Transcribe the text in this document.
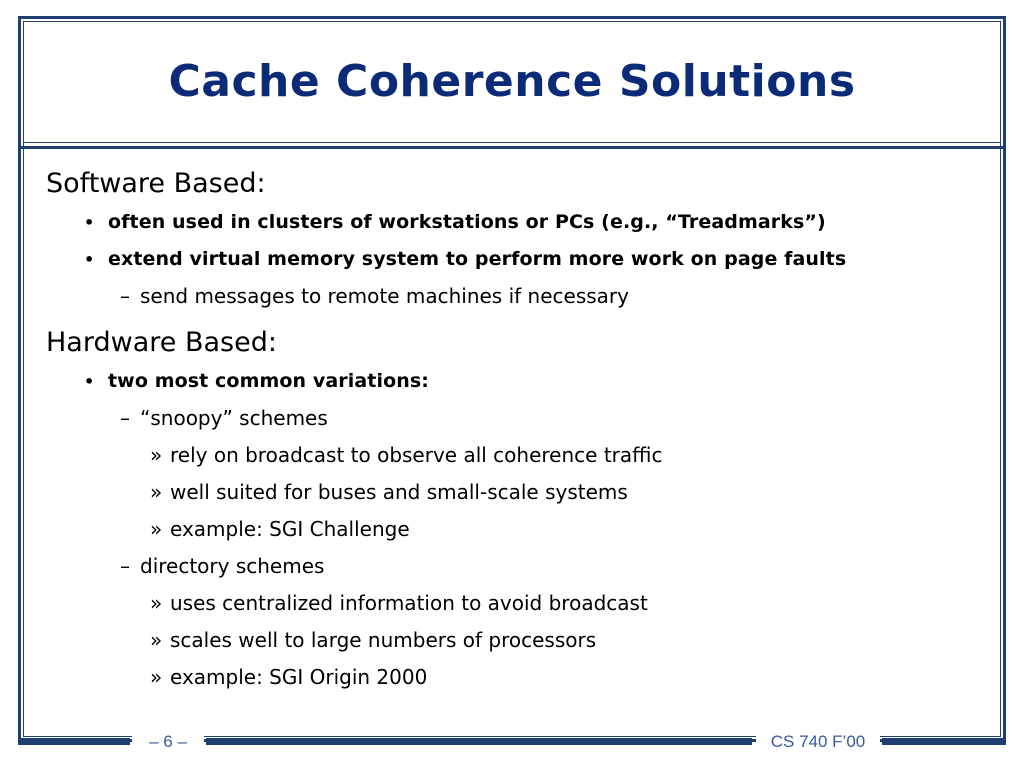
Cache Coherence Solutions
Software Based:
• often used in clusters of workstations or PCs (e.g., “Treadmarks”)
• extend virtual memory system to perform more work on page faults
– send messages to remote machines if necessary
Hardware Based:
• two most common variations:
– “snoopy” schemes
» rely on broadcast to observe all coherence traffic
» well suited for buses and small-scale systems
» example: SGI Challenge
– directory schemes
» uses centralized information to avoid broadcast
» scales well to large numbers of processors
» example: SGI Origin 2000
– 6 –	CS 740 F’00
